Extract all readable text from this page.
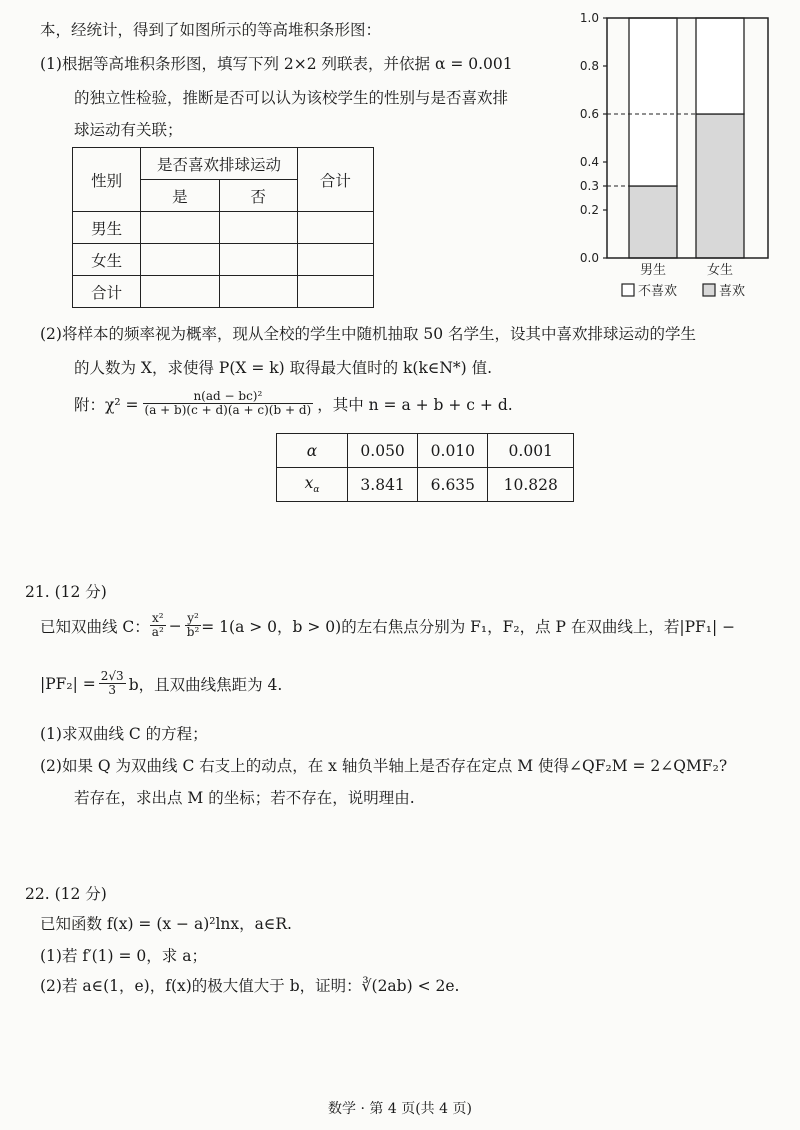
本，经统计，得到了如图所示的等高堆积条形图：
(1)根据等高堆积条形图，填写下列 2×2 列联表，并依据 α = 0.001
的独立性检验，推断是否可以认为该校学生的性别与是否喜欢排
球运动有关联；
性别	是否喜欢排球运动		合计
	是	否	
男生			
女生			
合计			
0.0
0.2
0.3
0.4
0.6
0.8
1.0
男生	女生
不喜欢	喜欢
(2)将样本的频率视为概率，现从全校的学生中随机抽取 50 名学生，设其中喜欢排球运动的学生
的人数为 X，求使得 P(X = k) 取得最大值时的 k(k∈N*) 值.
附：$\chi^2 = \frac{\text{n(ad − bc)²}}{(a + b)(c + d)(a + c)(b + d)}$ ，其中 n = a + b + c + d.
α	0.050	0.010	0.001
$x_\alpha$	3.841	6.635	10.828
21. (12 分)
已知双曲线 C： $\frac{\text{x²}}{\text{a²}} - \frac{\text{y²}}{\text{b²}} = 1(a > 0$，b > 0)的左右焦点分别为 F₁，F₂，点 P 在双曲线上，若|PF₁| −
$|PF_2| = \frac{2√3}{3}$ b，且双曲线焦距为 4.
(1)求双曲线 C 的方程；
(2)如果 Q 为双曲线 C 右支上的动点，在 x 轴负半轴上是否存在定点 M 使得∠QF₂M = 2∠QMF₂?
若存在，求出点 M 的坐标；若不存在，说明理由.
22. (12 分)
已知函数 f(x) = (x − a)²lnx，a∈R.
(1)若 f′(1) = 0，求 a；
(2)若 a∈(1，e)，f(x)的极大值大于 b，证明：∛(2ab) < 2e.
数学 · 第 4 页(共 4 页)
